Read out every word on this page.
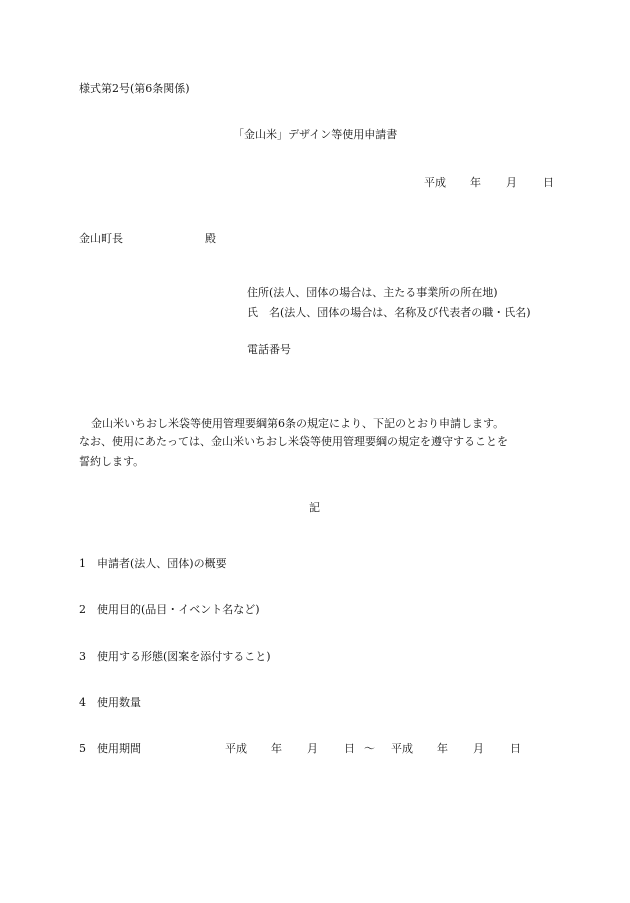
様式第2号(第6条関係)
「金山米」デザイン等使用申請書
平成 年 月 日
金山町長	殿
住所(法人、団体の場合は、主たる事業所の所在地)
氏　名(法人、団体の場合は、名称及び代表者の職・氏名)
電話番号
金山米いちおし米袋等使用管理要綱第6条の規定により、下記のとおり申請します。
なお、使用にあたっては、金山米いちおし米袋等使用管理要綱の規定を遵守することを
誓約します。
記
1 申請者(法人、団体)の概要
2 使用目的(品目・イベント名など)
3 使用する形態(図案を添付すること)
4 使用数量
5 使用期間	平成 年 月 日 ～ 平成 年 月 日
